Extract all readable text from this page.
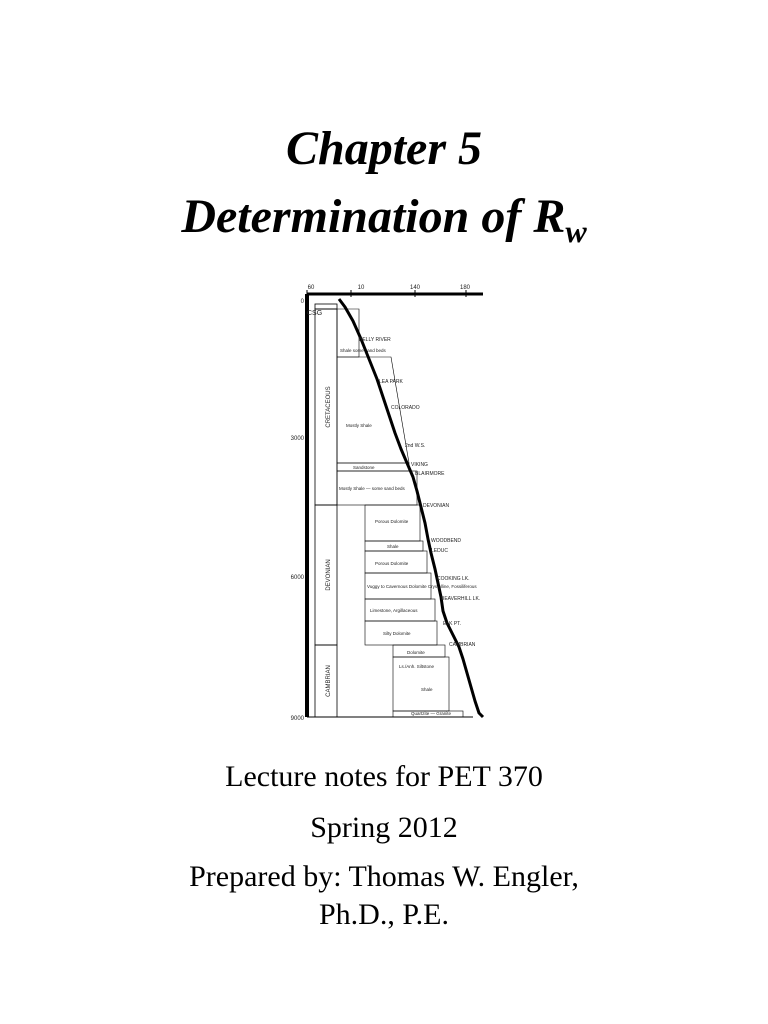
Chapter 5
Determination of $R_w$
60	10	140	180
0
3000
6000
9000
CSG
CRETACEOUS
DEVONIAN
CAMBRIAN
Shale some sand beds
Mostly Shale
Sandstone
Mostly Shale — some sand beds
Porous Dolomite
Shale
Porous Dolomite
Vuggy to Cavernous Dolomite Crystalline, Fossiliferous
Limestone, Argillaceous
Silty Dolomite
Dolomite
Ls./Anh. Siltstone
Shale
Quartzite — Granite
BELLY RIVER
LEA PARK
COLORADO
2nd W.S.
VIKING
BLAIRMORE
DEVONIAN
WOODBEND
LEDUC
COOKING LK.
BEAVERHILL LK.
ELK PT.
CAMBRIAN
Lecture notes for PET 370
Spring 2012
Prepared by: Thomas W. Engler,
Ph.D., P.E.
